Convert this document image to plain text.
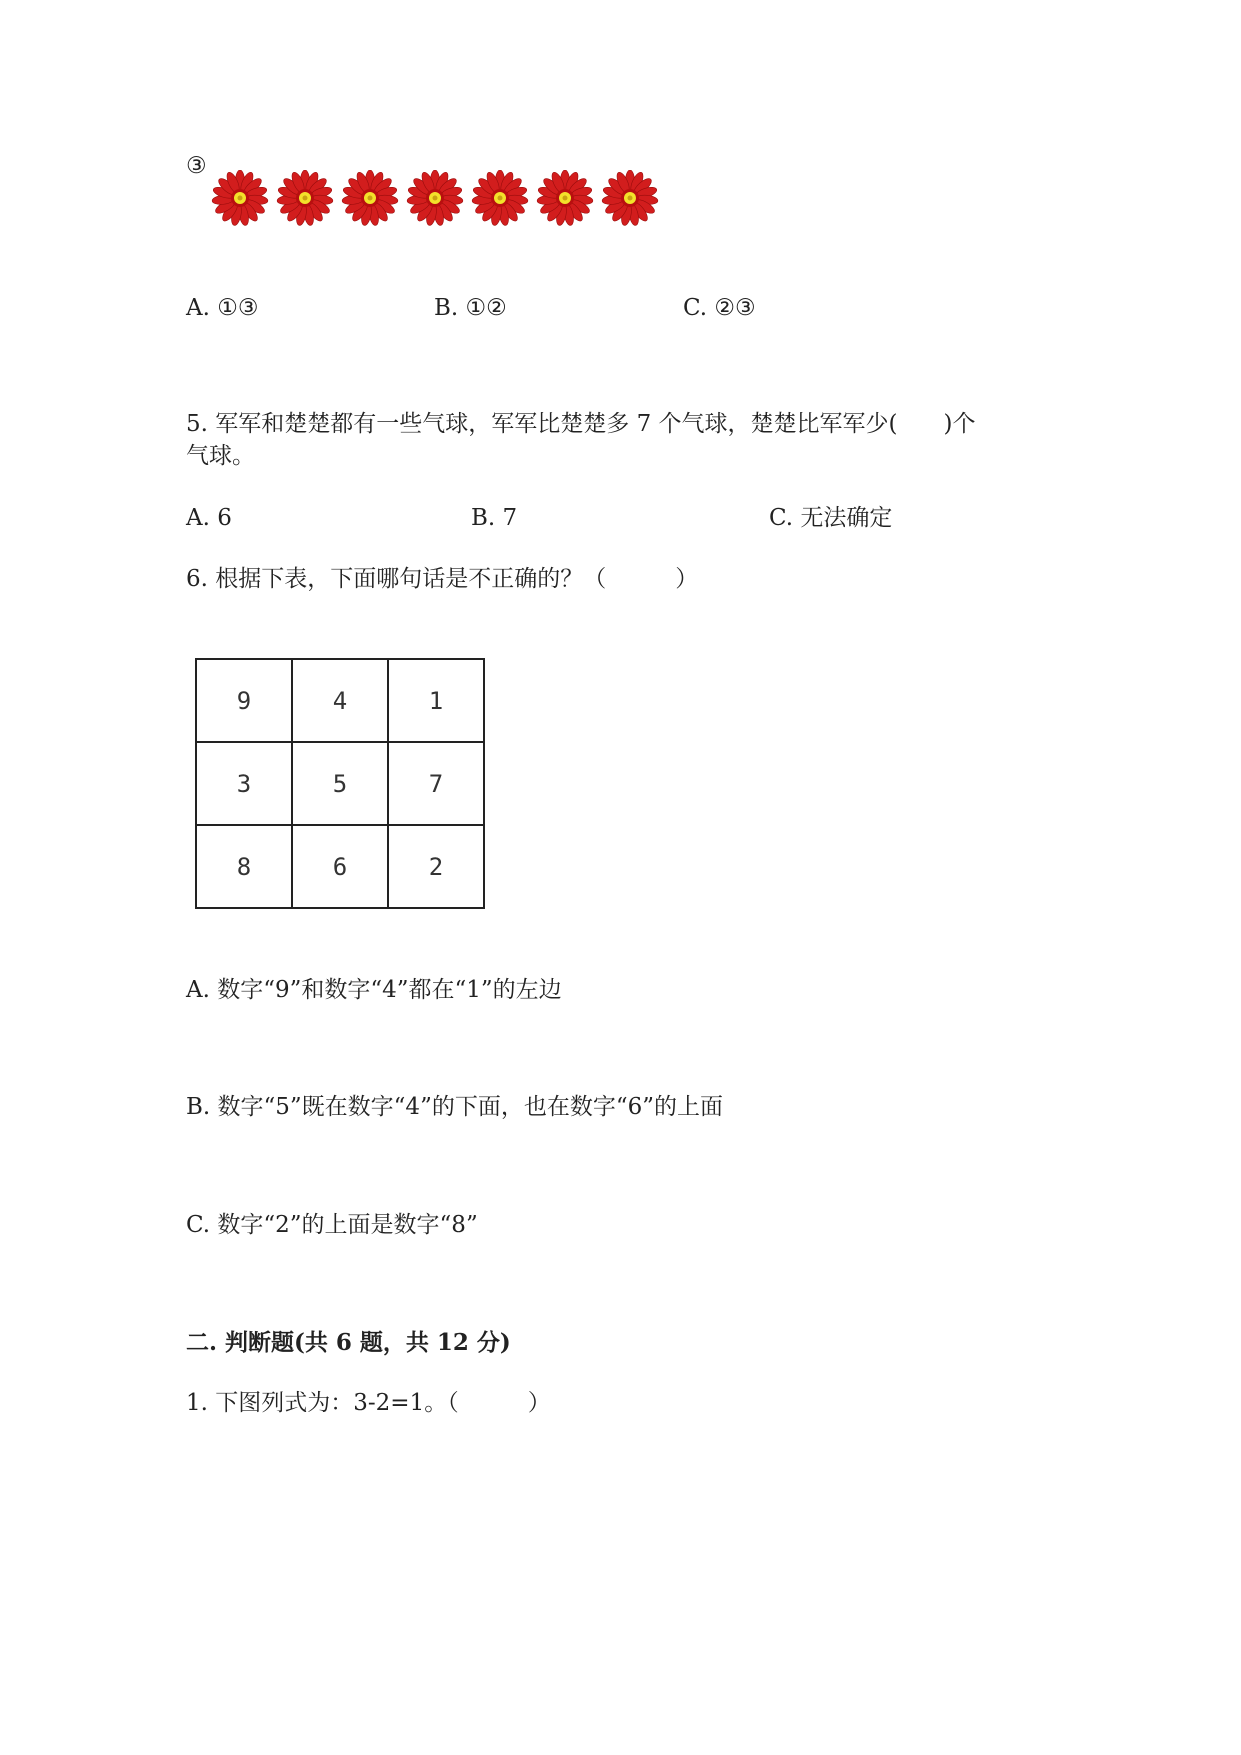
③
A. ①③	B. ①②	C. ②③
5. 军军和楚楚都有一些气球，军军比楚楚多 7 个气球，楚楚比军军少(　　)个
气球。
A. 6	B. 7	C. 无法确定
6. 根据下表，下面哪句话是不正确的？（　　　）
9	4	1
3	5	7
8	6	2
A. 数字“9”和数字“4”都在“1”的左边
B. 数字“5”既在数字“4”的下面，也在数字“6”的上面
C. 数字“2”的上面是数字“8”
二. 判断题(共 6 题，共 12 分)
1. 下图列式为：3-2=1。（　　　）
